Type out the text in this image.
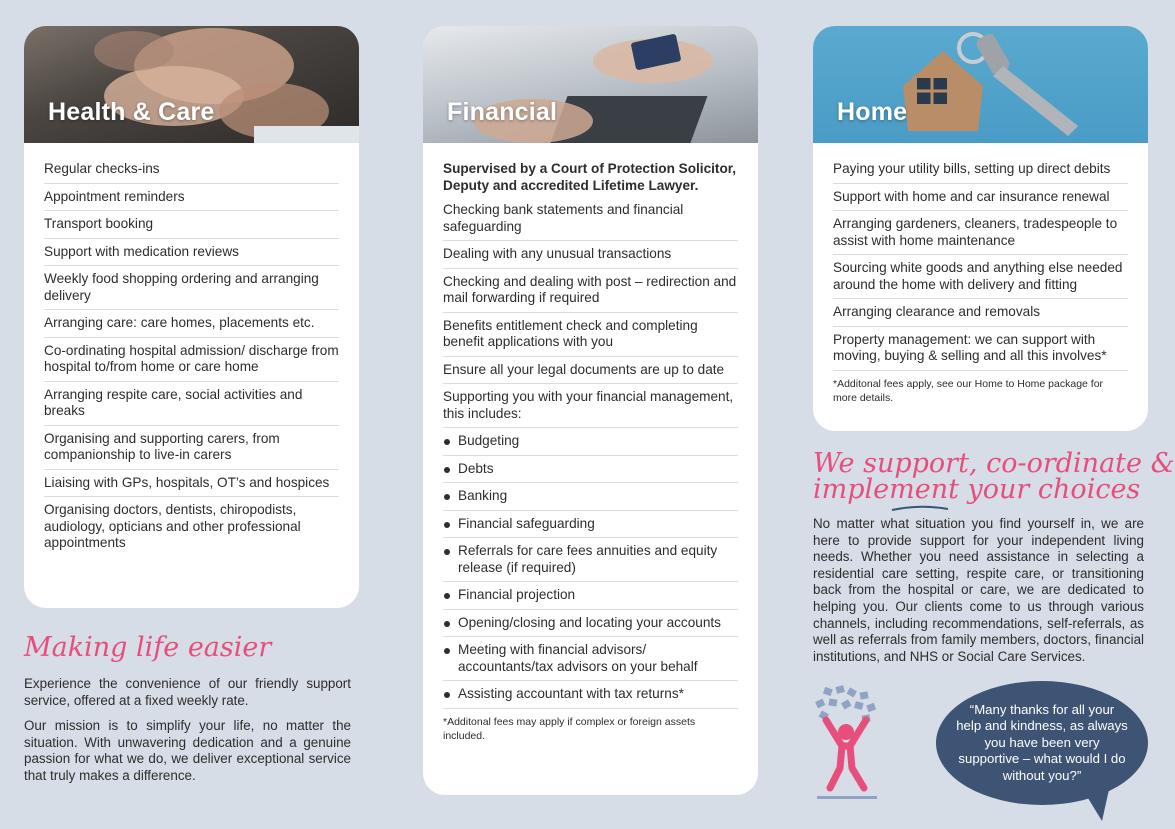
Health & Care
Regular checks-ins
Appointment reminders
Transport booking
Support with medication reviews
Weekly food shopping ordering and arranging delivery
Arranging care: care homes, placements etc.
Co-ordinating hospital admission/ discharge from hospital to/from home or care home
Arranging respite care, social activities and breaks
Organising and supporting carers, from companionship to live-in carers
Liaising with GPs, hospitals, OT’s and hospices
Organising doctors, dentists, chiropodists, audiology, opticians and other professional appointments
Financial
Supervised by a Court of Protection Solicitor, Deputy and accredited Lifetime Lawyer.
Checking bank statements and financial safeguarding
Dealing with any unusual transactions
Checking and dealing with post – redirection and mail forwarding if required
Benefits entitlement check and completing benefit applications with you
Ensure all your legal documents are up to date
Supporting you with your financial management, this includes:
Budgeting
Debts
Banking
Financial safeguarding
Referrals for care fees annuities and equity release (if required)
Financial projection
Opening/closing and locating your accounts
Meeting with financial advisors/ accountants/tax advisors on your behalf
Assisting accountant with tax returns*
*Additonal fees may apply if complex or foreign assets included.
Home
Paying your utility bills, setting up direct debits
Support with home and car insurance renewal
Arranging gardeners, cleaners, tradespeople to assist with home maintenance
Sourcing white goods and anything else needed around the home with delivery and fitting
Arranging clearance and removals
Property management: we can support with moving, buying & selling and all this involves*
*Additonal fees apply, see our Home to Home package for more details.
Making life easier

Experience the convenience of our friendly support service, offered at a fixed weekly rate.

Our mission is to simplify your life, no matter the situation. With unwavering dedication and a genuine passion for what we do, we deliver exceptional service that truly makes a difference.

We support, co-ordinate &
implement your choices

No matter what situation you find yourself in, we are here to provide support for your independent living needs. Whether you need assistance in selecting a residential care setting, respite care, or transitioning back from the hospital or care, we are dedicated to helping you. Our clients come to us through various channels, including recommendations, self-referrals, as well as referrals from family members, doctors, financial institutions, and NHS or Social Care Services.

“Many thanks for all your help and kindness, as always you have been very supportive – what would I do without you?”
